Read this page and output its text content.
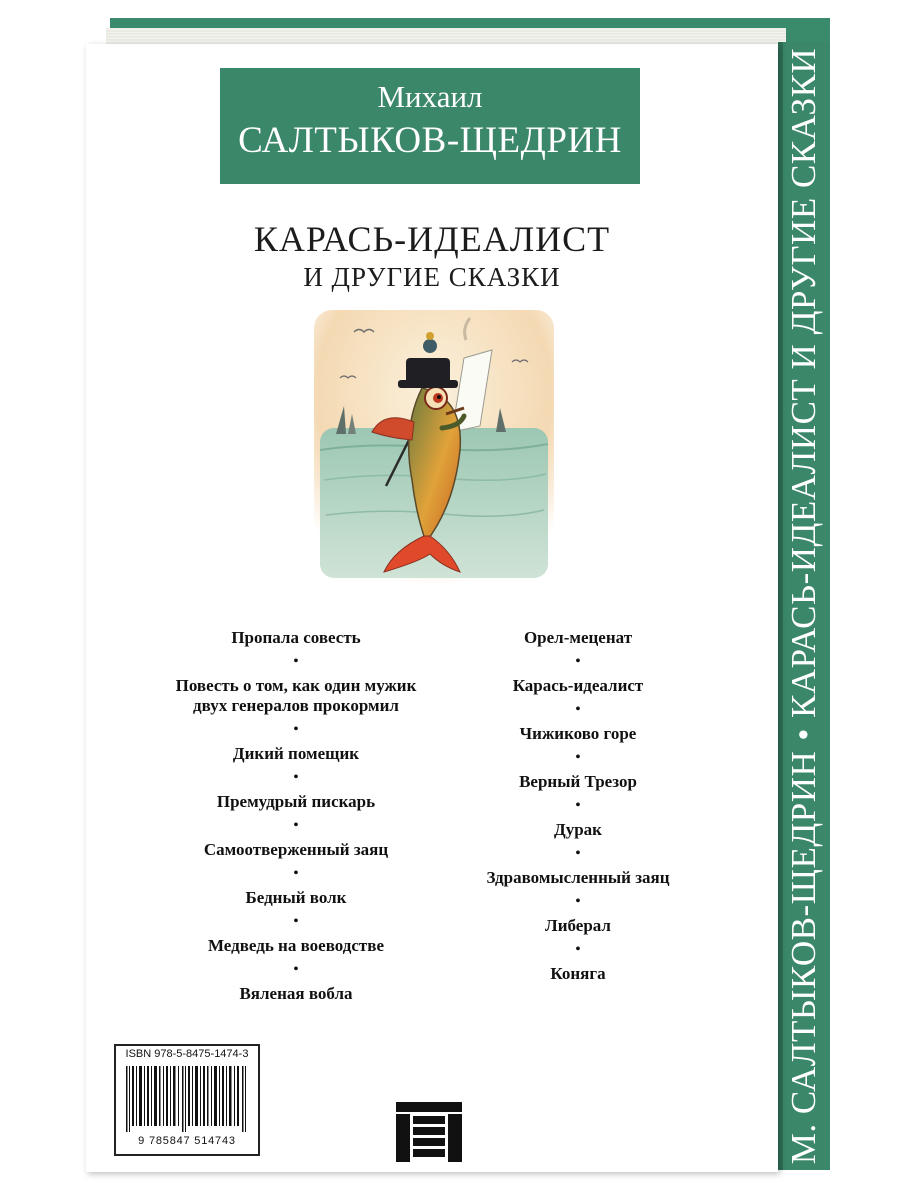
М. САЛТЫКОВ-ЩЕДРИН•КАРАСЬ-ИДЕАЛИСТ И ДРУГИЕ СКАЗКИ
Михаил
САЛТЫКОВ-ЩЕДРИН
КАРАСЬ-ИДЕАЛИСТ
И ДРУГИЕ СКАЗКИ
Пропала совесть
•
Повесть о том, как один мужик
двух генералов прокормил
•
Дикий помещик
•
Премудрый пискарь
•
Самоотверженный заяц
•
Бедный волк
•
Медведь на воеводстве
•
Вяленая вобла
Орел-меценат
•
Карась-идеалист
•
Чижиково горе
•
Верный Трезор
•
Дурак
•
Здравомысленный заяц
•
Либерал
•
Коняга
ISBN 978-5-8475-1474-3
9 785847 514743
